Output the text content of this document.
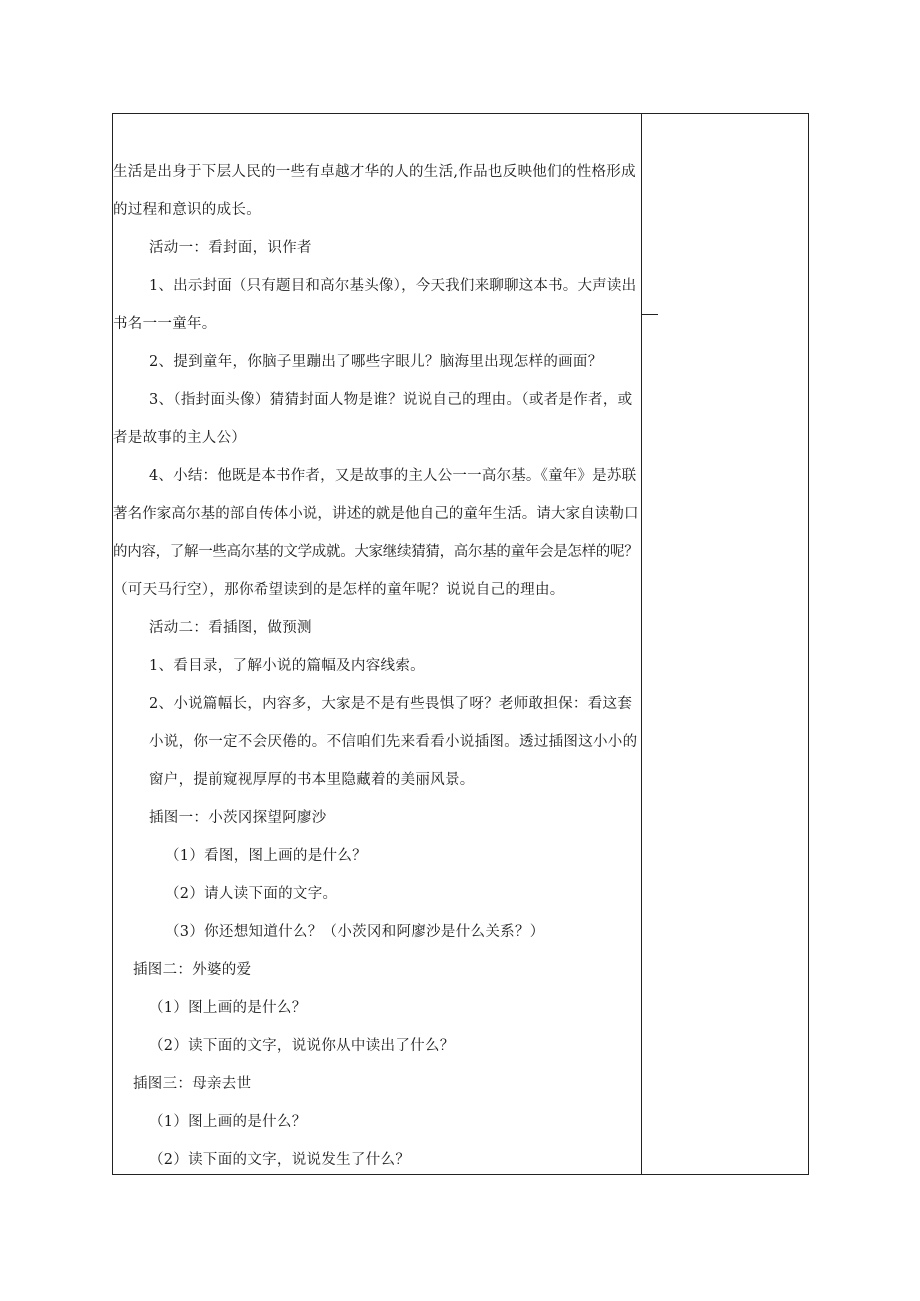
生活是出身于下层人民的一些有卓越才华的人的生活,作品也反映他们的性格形成
的过程和意识的成长。
活动一：看封面，识作者
1、出示封面（只有题目和高尔基头像），今天我们来聊聊这本书。大声读出
书名一一童年。
2、提到童年，你脑子里蹦出了哪些字眼儿？脑海里出现怎样的画面？
3、（指封面头像）猜猜封面人物是谁？说说自己的理由。（或者是作者，或
者是故事的主人公）
4、小结：他既是本书作者，又是故事的主人公一一高尔基。《童年》是苏联
著名作家高尔基的部自传体小说，讲述的就是他自己的童年生活。请大家自读勒口
的内容，了解一些高尔基的文学成就。大家继续猜猜，高尔基的童年会是怎样的呢？
（可天马行空），那你希望读到的是怎样的童年呢？说说自己的理由。
活动二：看插图，做预测
1、看目录，了解小说的篇幅及内容线索。
2、小说篇幅长，内容多，大家是不是有些畏惧了呀？老师敢担保：看这套
小说，你一定不会厌倦的。不信咱们先来看看小说插图。透过插图这小小的
窗户，提前窥视厚厚的书本里隐藏着的美丽风景。
插图一：小茨冈探望阿廖沙
（1）看图，图上画的是什么？
（2）请人读下面的文字。
（3）你还想知道什么？（小茨冈和阿廖沙是什么关系？）
插图二：外婆的爱
（1）图上画的是什么？
（2）读下面的文字，说说你从中读出了什么？
插图三：母亲去世
（1）图上画的是什么？
（2）读下面的文字，说说发生了什么？
